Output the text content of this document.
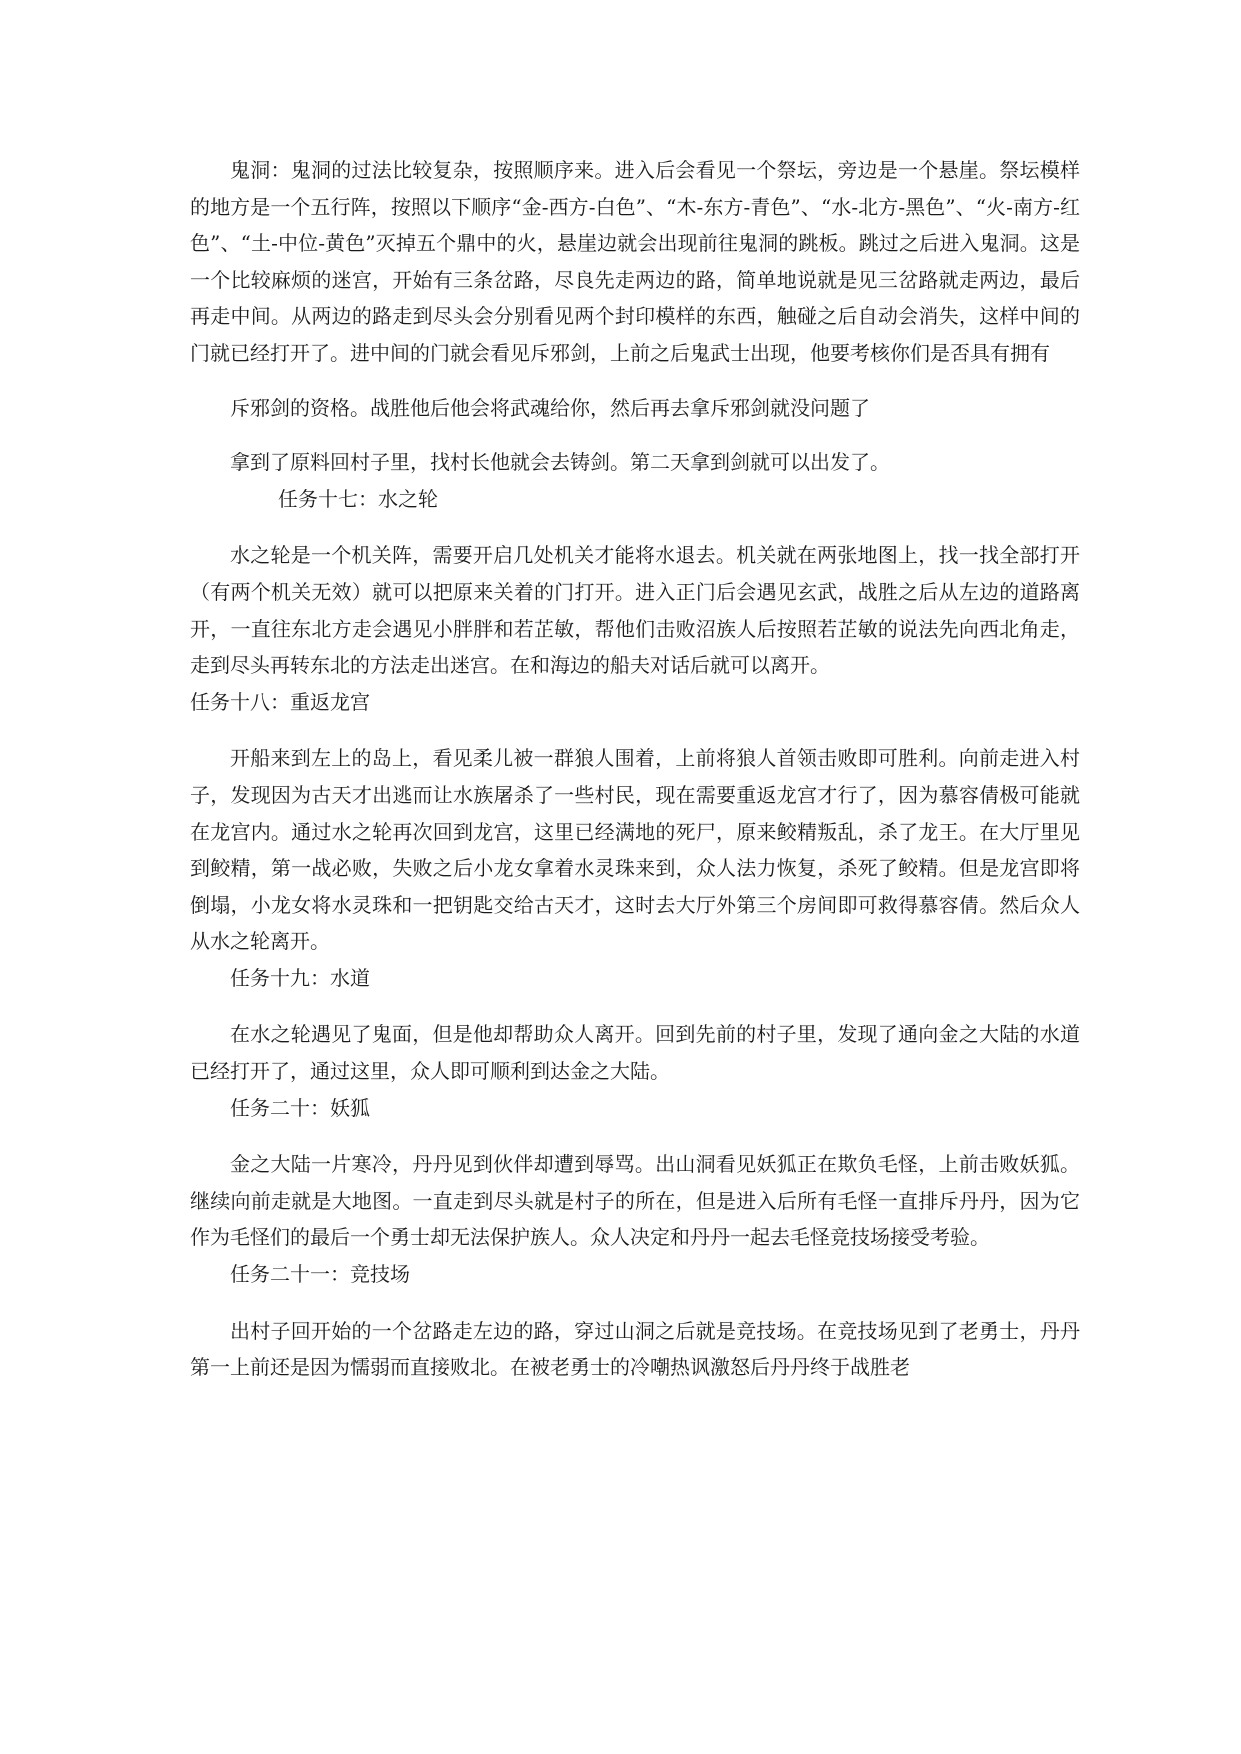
鬼洞：鬼洞的过法比较复杂，按照顺序来。进入后会看见一个祭坛，旁边是一个悬崖。祭坛模样的地方是一个五行阵，按照以下顺序“金-西方-白色”、“木-东方-青色”、“水-北方-黑色”、“火-南方-红色”、“土-中位-黄色”灭掉五个鼎中的火，悬崖边就会出现前往鬼洞的跳板。跳过之后进入鬼洞。这是一个比较麻烦的迷宫，开始有三条岔路，尽良先走两边的路，简单地说就是见三岔路就走两边，最后再走中间。从两边的路走到尽头会分别看见两个封印模样的东西，触碰之后自动会消失，这样中间的门就已经打开了。进中间的门就会看见斥邪剑，上前之后鬼武士出现，他要考核你们是否具有拥有

斥邪剑的资格。战胜他后他会将武魂给你，然后再去拿斥邪剑就没问题了

拿到了原料回村子里，找村长他就会去铸剑。第二天拿到剑就可以出发了。

任务十七：水之轮

水之轮是一个机关阵，需要开启几处机关才能将水退去。机关就在两张地图上，找一找全部打开（有两个机关无效）就可以把原来关着的门打开。进入正门后会遇见玄武，战胜之后从左边的道路离开，一直往东北方走会遇见小胖胖和若芷敏，帮他们击败沼族人后按照若芷敏的说法先向西北角走，走到尽头再转东北的方法走出迷宫。在和海边的船夫对话后就可以离开。

任务十八：重返龙宫

开船来到左上的岛上，看见柔儿被一群狼人围着，上前将狼人首领击败即可胜利。向前走进入村子，发现因为古天才出逃而让水族屠杀了一些村民，现在需要重返龙宫才行了，因为慕容倩极可能就在龙宫内。通过水之轮再次回到龙宫，这里已经满地的死尸，原来鲛精叛乱，杀了龙王。在大厅里见到鲛精，第一战必败，失败之后小龙女拿着水灵珠来到，众人法力恢复，杀死了鲛精。但是龙宫即将倒塌，小龙女将水灵珠和一把钥匙交给古天才，这时去大厅外第三个房间即可救得慕容倩。然后众人从水之轮离开。

任务十九：水道

在水之轮遇见了鬼面，但是他却帮助众人离开。回到先前的村子里，发现了通向金之大陆的水道已经打开了，通过这里，众人即可顺利到达金之大陆。

任务二十：妖狐

金之大陆一片寒冷，丹丹见到伙伴却遭到辱骂。出山洞看见妖狐正在欺负毛怪，上前击败妖狐。继续向前走就是大地图。一直走到尽头就是村子的所在，但是进入后所有毛怪一直排斥丹丹，因为它作为毛怪们的最后一个勇士却无法保护族人。众人决定和丹丹一起去毛怪竞技场接受考验。

任务二十一：竞技场

出村子回开始的一个岔路走左边的路，穿过山洞之后就是竞技场。在竞技场见到了老勇士，丹丹第一上前还是因为懦弱而直接败北。在被老勇士的冷嘲热讽激怒后丹丹终于战胜老
